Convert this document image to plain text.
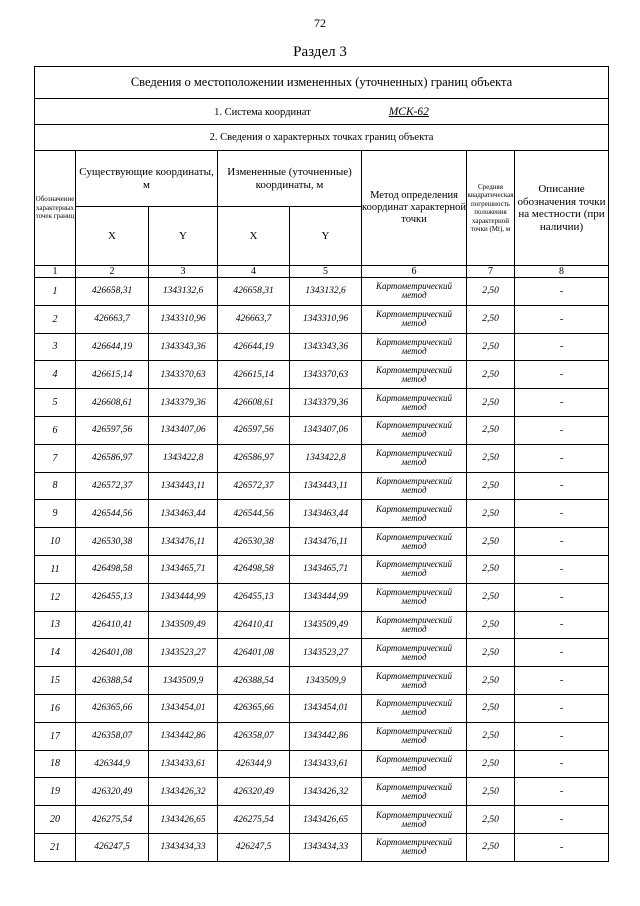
72
Раздел 3
Сведения о местоположении измененных (уточненных) границ объекта							
1. Система координат МСК-62							
2. Сведения о характерных точках границ объекта							
Обозначение характерных точек границ	Существующие координаты, м		Измененные (уточненные) координаты, м		Метод определения координат характерной точки	Средняя квадратическая погрешность положения характерной точки (Mt), м	Описание обозначения точки на местности (при наличии)
	X	Y	X	Y			
1	2	3	4	5	6	7	8
1	426658,31	1343132,6	426658,31	1343132,6	Картометрический метод	2,50	-
2	426663,7	1343310,96	426663,7	1343310,96	Картометрический метод	2,50	-
3	426644,19	1343343,36	426644,19	1343343,36	Картометрический метод	2,50	-
4	426615,14	1343370,63	426615,14	1343370,63	Картометрический метод	2,50	-
5	426608,61	1343379,36	426608,61	1343379,36	Картометрический метод	2,50	-
6	426597,56	1343407,06	426597,56	1343407,06	Картометрический метод	2,50	-
7	426586,97	1343422,8	426586,97	1343422,8	Картометрический метод	2,50	-
8	426572,37	1343443,11	426572,37	1343443,11	Картометрический метод	2,50	-
9	426544,56	1343463,44	426544,56	1343463,44	Картометрический метод	2,50	-
10	426530,38	1343476,11	426530,38	1343476,11	Картометрический метод	2,50	-
11	426498,58	1343465,71	426498,58	1343465,71	Картометрический метод	2,50	-
12	426455,13	1343444,99	426455,13	1343444,99	Картометрический метод	2,50	-
13	426410,41	1343509,49	426410,41	1343509,49	Картометрический метод	2,50	-
14	426401,08	1343523,27	426401,08	1343523,27	Картометрический метод	2,50	-
15	426388,54	1343509,9	426388,54	1343509,9	Картометрический метод	2,50	-
16	426365,66	1343454,01	426365,66	1343454,01	Картометрический метод	2,50	-
17	426358,07	1343442,86	426358,07	1343442,86	Картометрический метод	2,50	-
18	426344,9	1343433,61	426344,9	1343433,61	Картометрический метод	2,50	-
19	426320,49	1343426,32	426320,49	1343426,32	Картометрический метод	2,50	-
20	426275,54	1343426,65	426275,54	1343426,65	Картометрический метод	2,50	-
21	426247,5	1343434,33	426247,5	1343434,33	Картометрический метод	2,50	-
